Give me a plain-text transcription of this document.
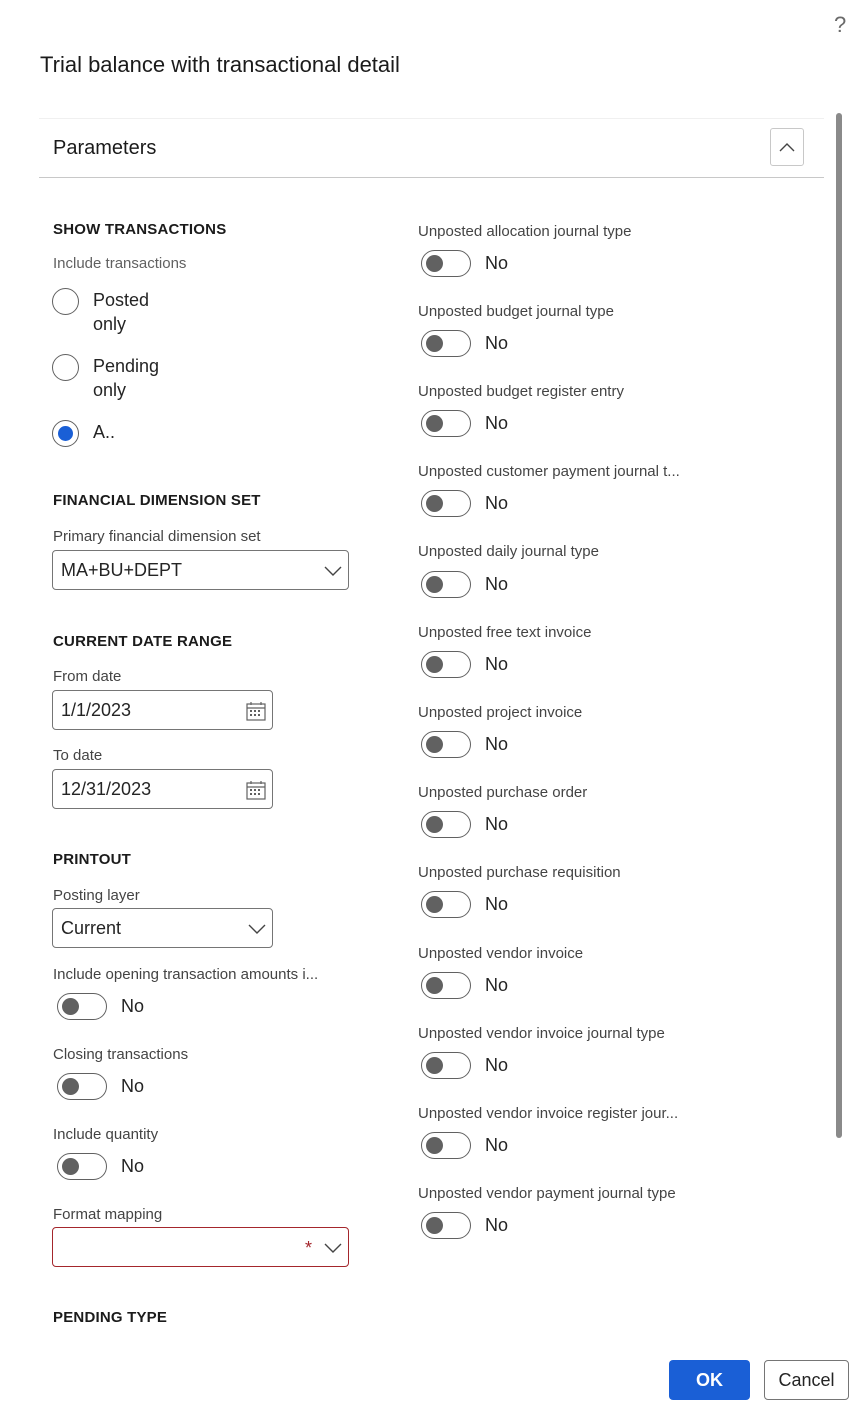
?
Trial balance with transactional detail
Parameters
SHOW TRANSACTIONS
Include transactions
Posted only
Pending only
A..
FINANCIAL DIMENSION SET
Primary financial dimension set
MA+BU+DEPT
CURRENT DATE RANGE
From date
1/1/2023
To date
12/31/2023
PRINTOUT
Posting layer
Current
Include opening transaction amounts i...
No
Closing transactions
No
Include quantity
No
Format mapping
*
PENDING TYPE
Unposted allocation journal type
No
Unposted budget journal type
No
Unposted budget register entry
No
Unposted customer payment journal t...
No
Unposted daily journal type
No
Unposted free text invoice
No
Unposted project invoice
No
Unposted purchase order
No
Unposted purchase requisition
No
Unposted vendor invoice
No
Unposted vendor invoice journal type
No
Unposted vendor invoice register jour...
No
Unposted vendor payment journal type
No
OK	Cancel
